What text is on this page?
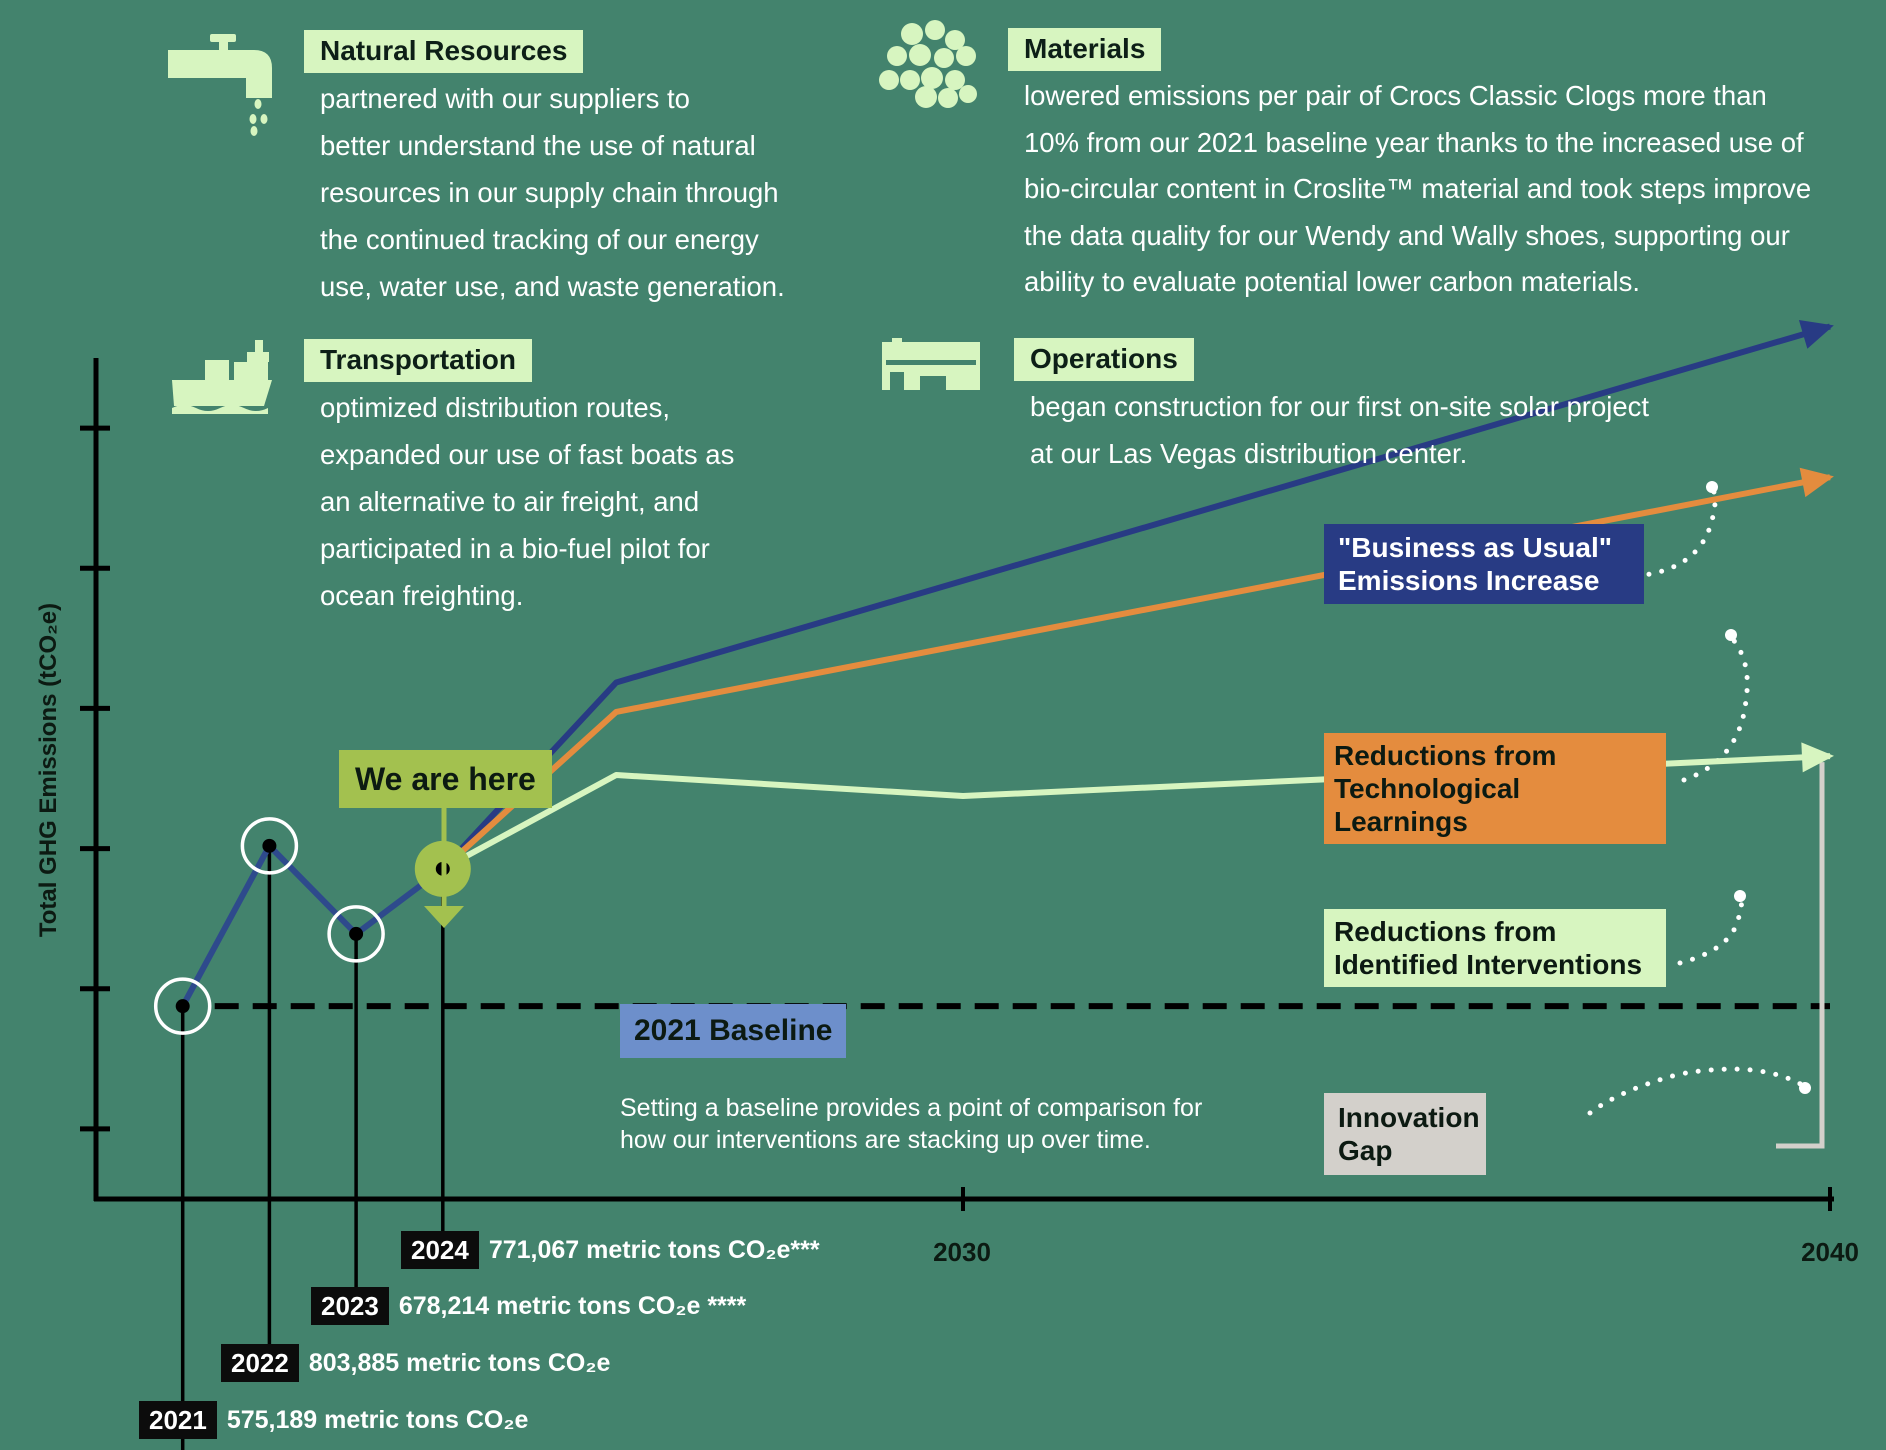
Natural Resources
partnered with our suppliers to
better understand the use of natural
resources in our supply chain through
the continued tracking of our energy
use, water use, and waste generation.
Materials
lowered emissions per pair of Crocs Classic Clogs more than
10% from our 2021 baseline year thanks to the increased use of
bio-circular content in Croslite™ material and took steps improve
the data quality for our Wendy and Wally shoes, supporting our
ability to evaluate potential lower carbon materials.
Transportation
optimized distribution routes,
expanded our use of fast boats as
an alternative to air freight, and
participated in a bio-fuel pilot for
ocean freighting.
Operations
began construction for our first on-site solar project
at our Las Vegas distribution center.
Total GHG Emissions (tCO₂e)
"Business as Usual"
Emissions Increase
Reductions from
Technological Learnings
Reductions from
Identified Interventions
Innovation Gap
We are here
2021 Baseline
Setting a baseline provides a point of comparison for
how our interventions are stacking up over time.
2030	2040
2024 771,067 metric tons CO₂e***
2023 678,214 metric tons CO₂e ****
2022 803,885 metric tons CO₂e
2021 575,189 metric tons CO₂e
